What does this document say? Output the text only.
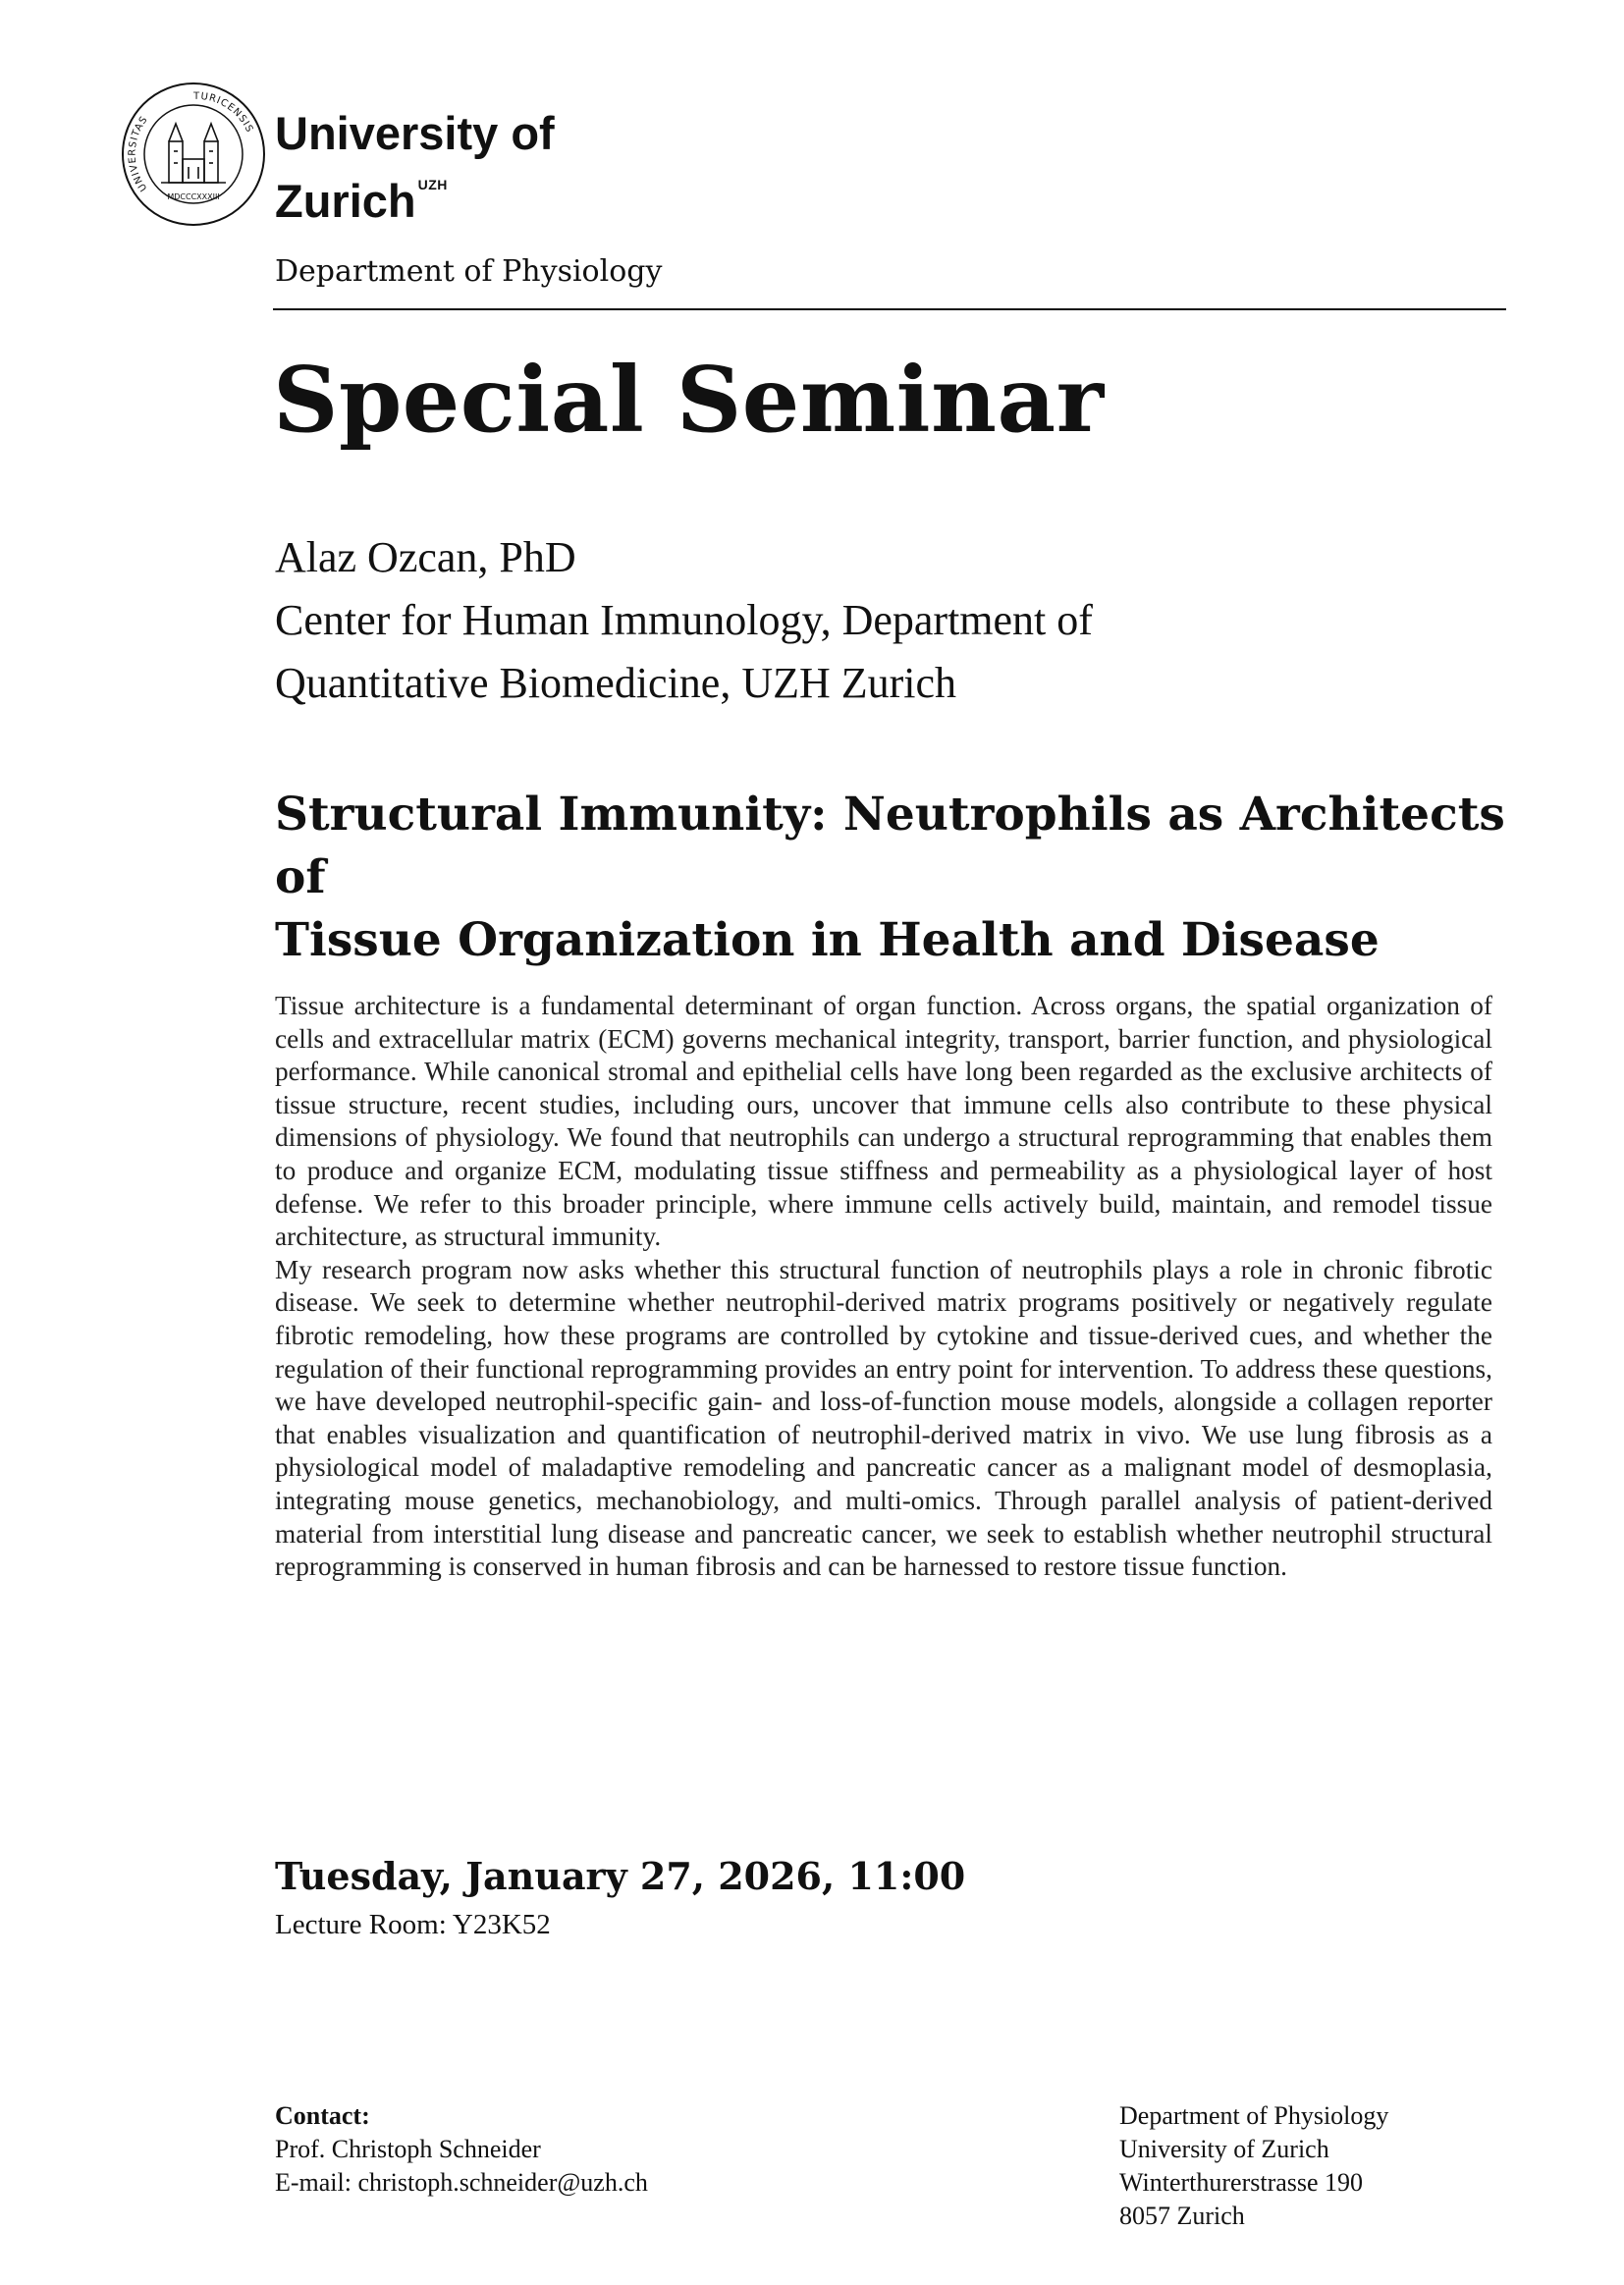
UNIVERSITAS
TURICENSIS
MDCCCXXXIII
University of
Zurich $^{UZH}$
Department of Physiology
Special Seminar
Alaz Ozcan, PhD
Center for Human Immunology, Department of
Quantitative Biomedicine, UZH Zurich
Structural Immunity: Neutrophils as Architects of
Tissue Organization in Health and Disease

Tissue architecture is a fundamental determinant of organ function. Across organs, the spatial organization of cells and extracellular matrix (ECM) governs mechanical integrity, transport, barrier function, and physiological performance. While canonical stromal and epithelial cells have long been regarded as the exclusive architects of tissue structure, recent studies, including ours, uncover that immune cells also contribute to these physical dimensions of physiology. We found that neutrophils can undergo a structural reprogramming that enables them to produce and organize ECM, modulating tissue stiffness and permeability as a physiological layer of host defense. We refer to this broader principle, where immune cells actively build, maintain, and remodel tissue architecture, as structural immunity.

My research program now asks whether this structural function of neutrophils plays a role in chronic fibrotic disease. We seek to determine whether neutrophil-derived matrix programs positively or negatively regulate fibrotic remodeling, how these programs are controlled by cytokine and tissue-derived cues, and whether the regulation of their functional reprogramming provides an entry point for intervention. To address these questions, we have developed neutrophil-specific gain- and loss-of-function mouse models, alongside a collagen reporter that enables visualization and quantification of neutrophil-derived matrix in vivo. We use lung fibrosis as a physiological model of maladaptive remodeling and pancreatic cancer as a malignant model of desmoplasia, integrating mouse genetics, mechanobiology, and multi-omics. Through parallel analysis of patient-derived material from interstitial lung disease and pancreatic cancer, we seek to establish whether neutrophil structural reprogramming is conserved in human fibrosis and can be harnessed to restore tissue function.

Tuesday, January 27, 2026, 11:00
Lecture Room: Y23K52
Contact:
Prof. Christoph Schneider
E-mail: christoph.schneider@uzh.ch
Department of Physiology
University of Zurich
Winterthurerstrasse 190
8057 Zurich
